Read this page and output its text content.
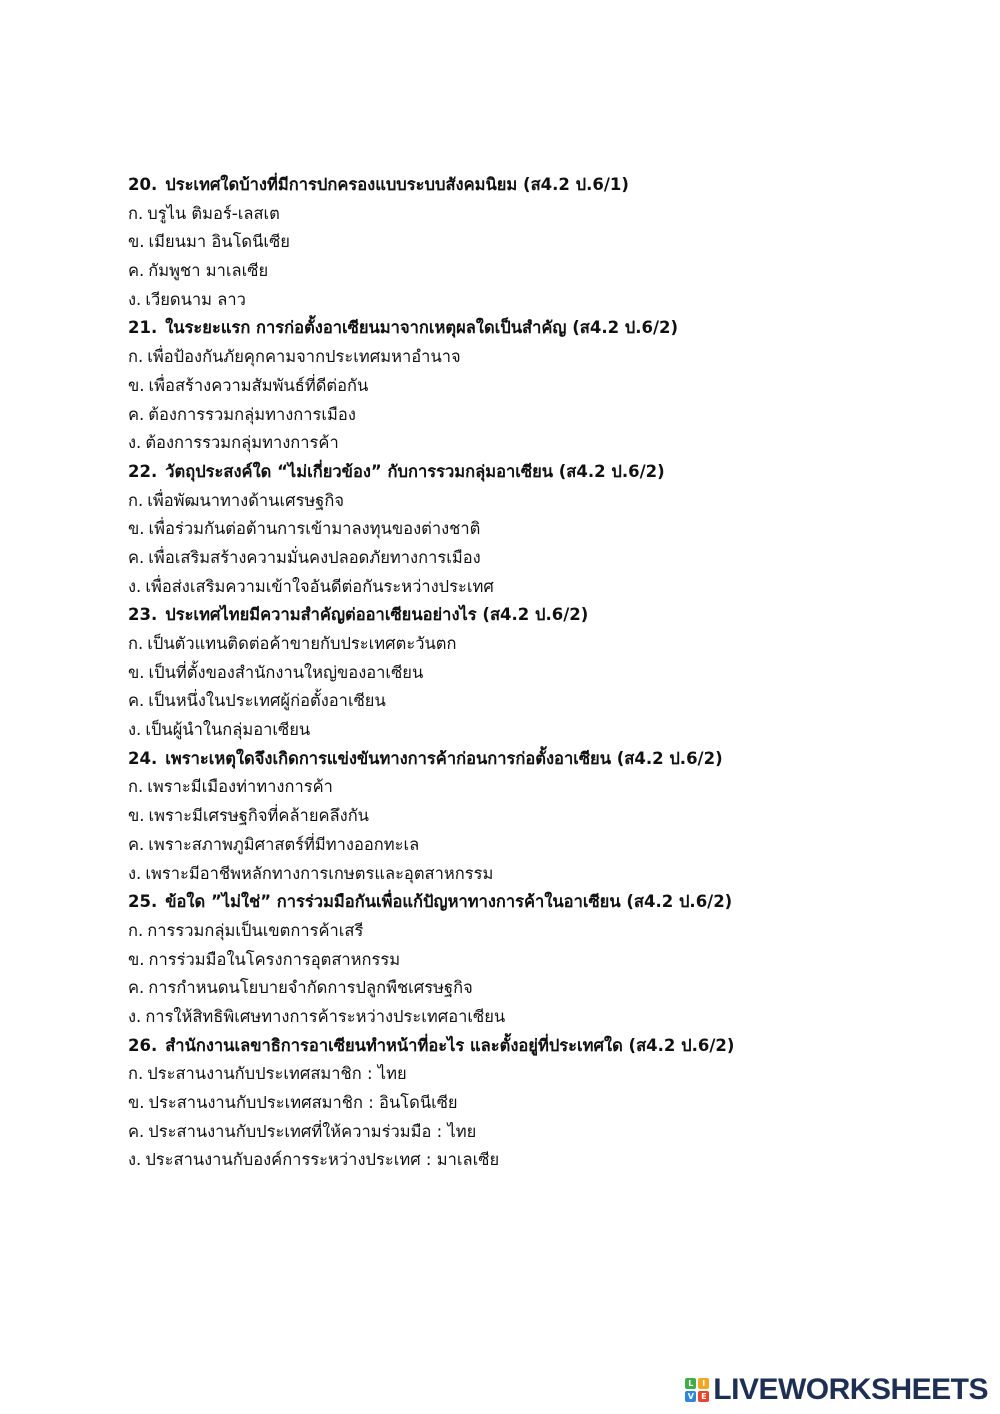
20. ประเทศใดบ้างที่มีการปกครองแบบระบบสังคมนิยม (ส4.2 ป.6/1)
ก. บรูไน ติมอร์-เลสเต
ข. เมียนมา อินโดนีเซีย
ค. กัมพูชา มาเลเซีย
ง. เวียดนาม ลาว
21. ในระยะแรก การก่อตั้งอาเซียนมาจากเหตุผลใดเป็นสำคัญ (ส4.2 ป.6/2)
ก. เพื่อป้องกันภัยคุกคามจากประเทศมหาอำนาจ
ข. เพื่อสร้างความสัมพันธ์ที่ดีต่อกัน
ค. ต้องการรวมกลุ่มทางการเมือง
ง. ต้องการรวมกลุ่มทางการค้า
22. วัตถุประสงค์ใด “ไม่เกี่ยวข้อง” กับการรวมกลุ่มอาเซียน (ส4.2 ป.6/2)
ก. เพื่อพัฒนาทางด้านเศรษฐกิจ
ข. เพื่อร่วมกันต่อต้านการเข้ามาลงทุนของต่างชาติ
ค. เพื่อเสริมสร้างความมั่นคงปลอดภัยทางการเมือง
ง. เพื่อส่งเสริมความเข้าใจอันดีต่อกันระหว่างประเทศ
23. ประเทศไทยมีความสำคัญต่ออาเซียนอย่างไร (ส4.2 ป.6/2)
ก. เป็นตัวแทนติดต่อค้าขายกับประเทศตะวันตก
ข. เป็นที่ตั้งของสำนักงานใหญ่ของอาเซียน
ค. เป็นหนึ่งในประเทศผู้ก่อตั้งอาเซียน
ง. เป็นผู้นำในกลุ่มอาเซียน
24. เพราะเหตุใดจึงเกิดการแข่งขันทางการค้าก่อนการก่อตั้งอาเซียน (ส4.2 ป.6/2)
ก. เพราะมีเมืองท่าทางการค้า
ข. เพราะมีเศรษฐกิจที่คล้ายคลึงกัน
ค. เพราะสภาพภูมิศาสตร์ที่มีทางออกทะเล
ง. เพราะมีอาชีพหลักทางการเกษตรและอุตสาหกรรม
25. ข้อใด ”ไม่ใช่” การร่วมมือกันเพื่อแก้ปัญหาทางการค้าในอาเซียน (ส4.2 ป.6/2)
ก. การรวมกลุ่มเป็นเขตการค้าเสรี
ข. การร่วมมือในโครงการอุตสาหกรรม
ค. การกำหนดนโยบายจำกัดการปลูกพืชเศรษฐกิจ
ง. การให้สิทธิพิเศษทางการค้าระหว่างประเทศอาเซียน
26. สำนักงานเลขาธิการอาเซียนทำหน้าที่อะไร และตั้งอยู่ที่ประเทศใด (ส4.2 ป.6/2)
ก. ประสานงานกับประเทศสมาชิก : ไทย
ข. ประสานงานกับประเทศสมาชิก : อินโดนีเซีย
ค. ประสานงานกับประเทศที่ให้ความร่วมมือ : ไทย
ง. ประสานงานกับองค์การระหว่างประเทศ : มาเลเซีย
L	I
V E LIVEWORKSHEETS
